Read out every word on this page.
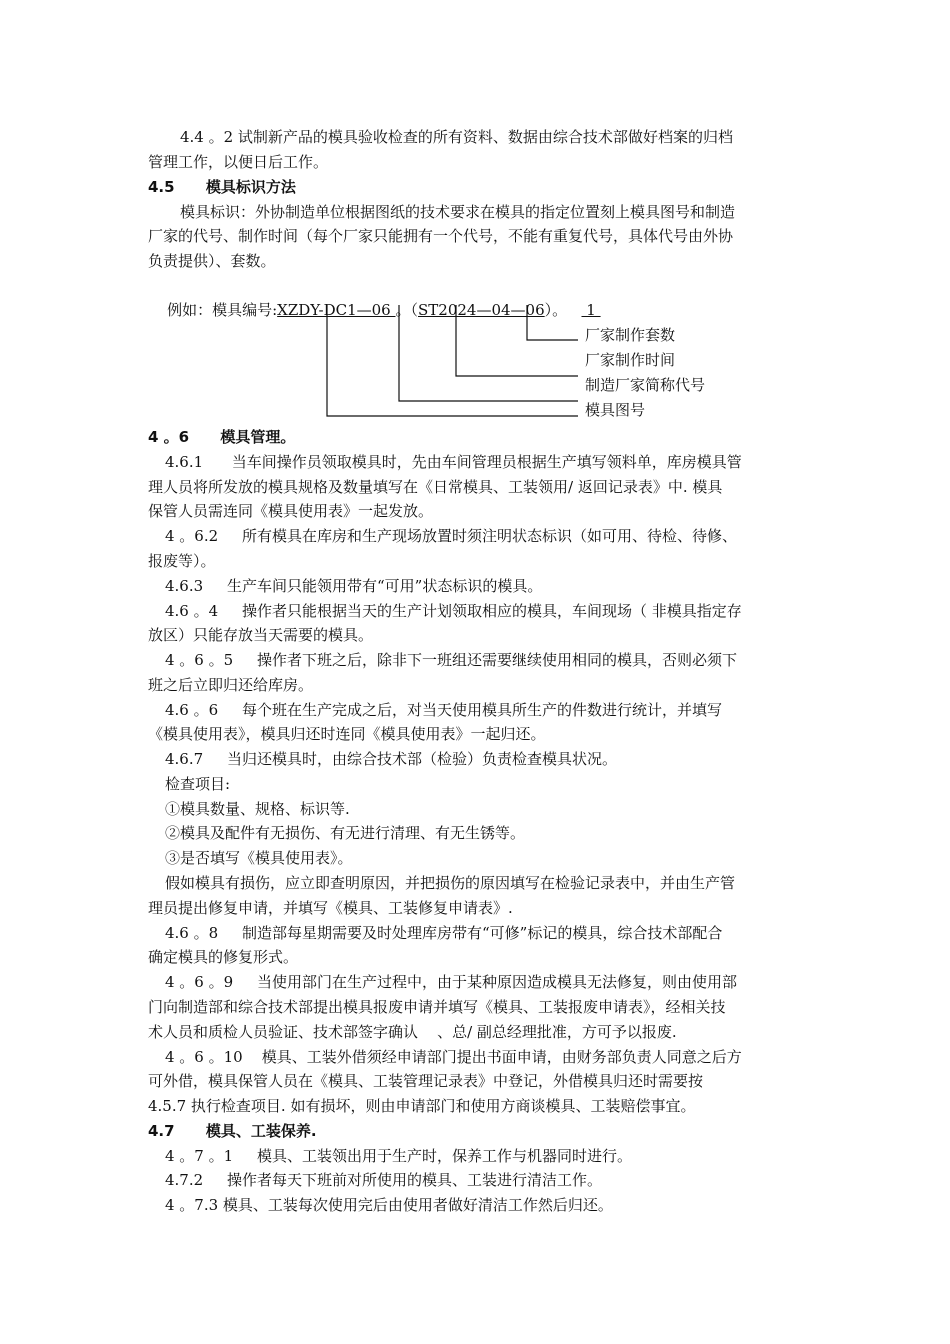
4.4 。2 试制新产品的模具验收检查的所有资料、数据由综合技术部做好档案的归档
管理工作，以便日后工作。
4.5      模具标识方法
模具标识：外协制造单位根据图纸的技术要求在模具的指定位置刻上模具图号和制造
厂家的代号、制作时间（每个厂家只能拥有一个代号，不能有重复代号，具体代号由外协
负责提供）、套数。

例如：模具编号:XZDY-DC1—06 。（ST2024—04—06）。    1

厂家制作套数
厂家制作时间
制造厂家简称代号
模具图号
4 。6      模具管理。
4.6.1      当车间操作员领取模具时，先由车间管理员根据生产填写领料单，库房模具管
理人员将所发放的模具规格及数量填写在《日常模具、工装领用/ 返回记录表》中. 模具
保管人员需连同《模具使用表》一起发放。
4 。6.2     所有模具在库房和生产现场放置时须注明状态标识（如可用、待检、待修、
报废等）。
4.6.3     生产车间只能领用带有“可用”状态标识的模具。
4.6 。4     操作者只能根据当天的生产计划领取相应的模具，车间现场（ 非模具指定存
放区）只能存放当天需要的模具。
4 。6 。5     操作者下班之后，除非下一班组还需要继续使用相同的模具，否则必须下
班之后立即归还给库房。
4.6 。6     每个班在生产完成之后，对当天使用模具所生产的件数进行统计，并填写
《模具使用表》，模具归还时连同《模具使用表》一起归还。
4.6.7     当归还模具时，由综合技术部（检验）负责检查模具状况。
检查项目:
①模具数量、规格、标识等.
②模具及配件有无损伤、有无进行清理、有无生锈等。
③是否填写《模具使用表》。
假如模具有损伤，应立即查明原因，并把损伤的原因填写在检验记录表中，并由生产管
理员提出修复申请，并填写《模具、工装修复申请表》.
4.6 。8     制造部每星期需要及时处理库房带有“可修”标记的模具，综合技术部配合
确定模具的修复形式。
4 。6 。9     当使用部门在生产过程中，由于某种原因造成模具无法修复，则由使用部
门向制造部和综合技术部提出模具报废申请并填写《模具、工装报废申请表》，经相关技
术人员和质检人员验证、技术部签字确认    、总/ 副总经理批准，方可予以报废.
4 。6 。10    模具、工装外借须经申请部门提出书面申请，由财务部负责人同意之后方
可外借，模具保管人员在《模具、工装管理记录表》中登记，外借模具归还时需要按
4.5.7 执行检查项目. 如有损坏，则由申请部门和使用方商谈模具、工装赔偿事宜。
4.7      模具、工装保养.
4 。7 。1     模具、工装领出用于生产时，保养工作与机器同时进行。
4.7.2     操作者每天下班前对所使用的模具、工装进行清洁工作。
4 。7.3 模具、工装每次使用完后由使用者做好清洁工作然后归还。
